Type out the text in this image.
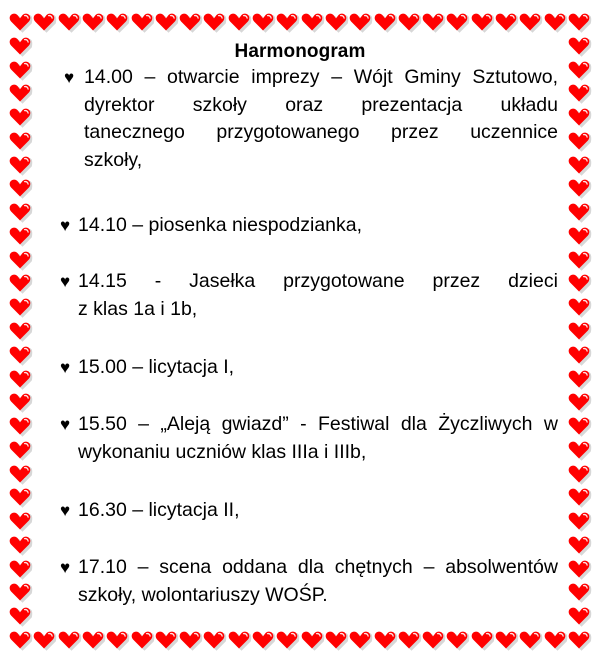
Harmonogram
♥ 14.00 – otwarcie imprezy – Wójt Gminy Sztutowo,
dyrektor szkoły oraz prezentacja układu
tanecznego przygotowanego przez uczennice
szkoły,
♥ 14.10 – piosenka niespodzianka,
♥ 14.15 - Jasełka przygotowane przez dzieci
z klas 1a i 1b,
♥ 15.00 – licytacja I,
♥ 15.50 – „Aleją gwiazd” - Festiwal dla Życzliwych w
wykonaniu uczniów klas IIIa i IIIb,
♥ 16.30 – licytacja II,
♥ 17.10 – scena oddana dla chętnych – absolwentów
szkoły, wolontariuszy WOŚP.
